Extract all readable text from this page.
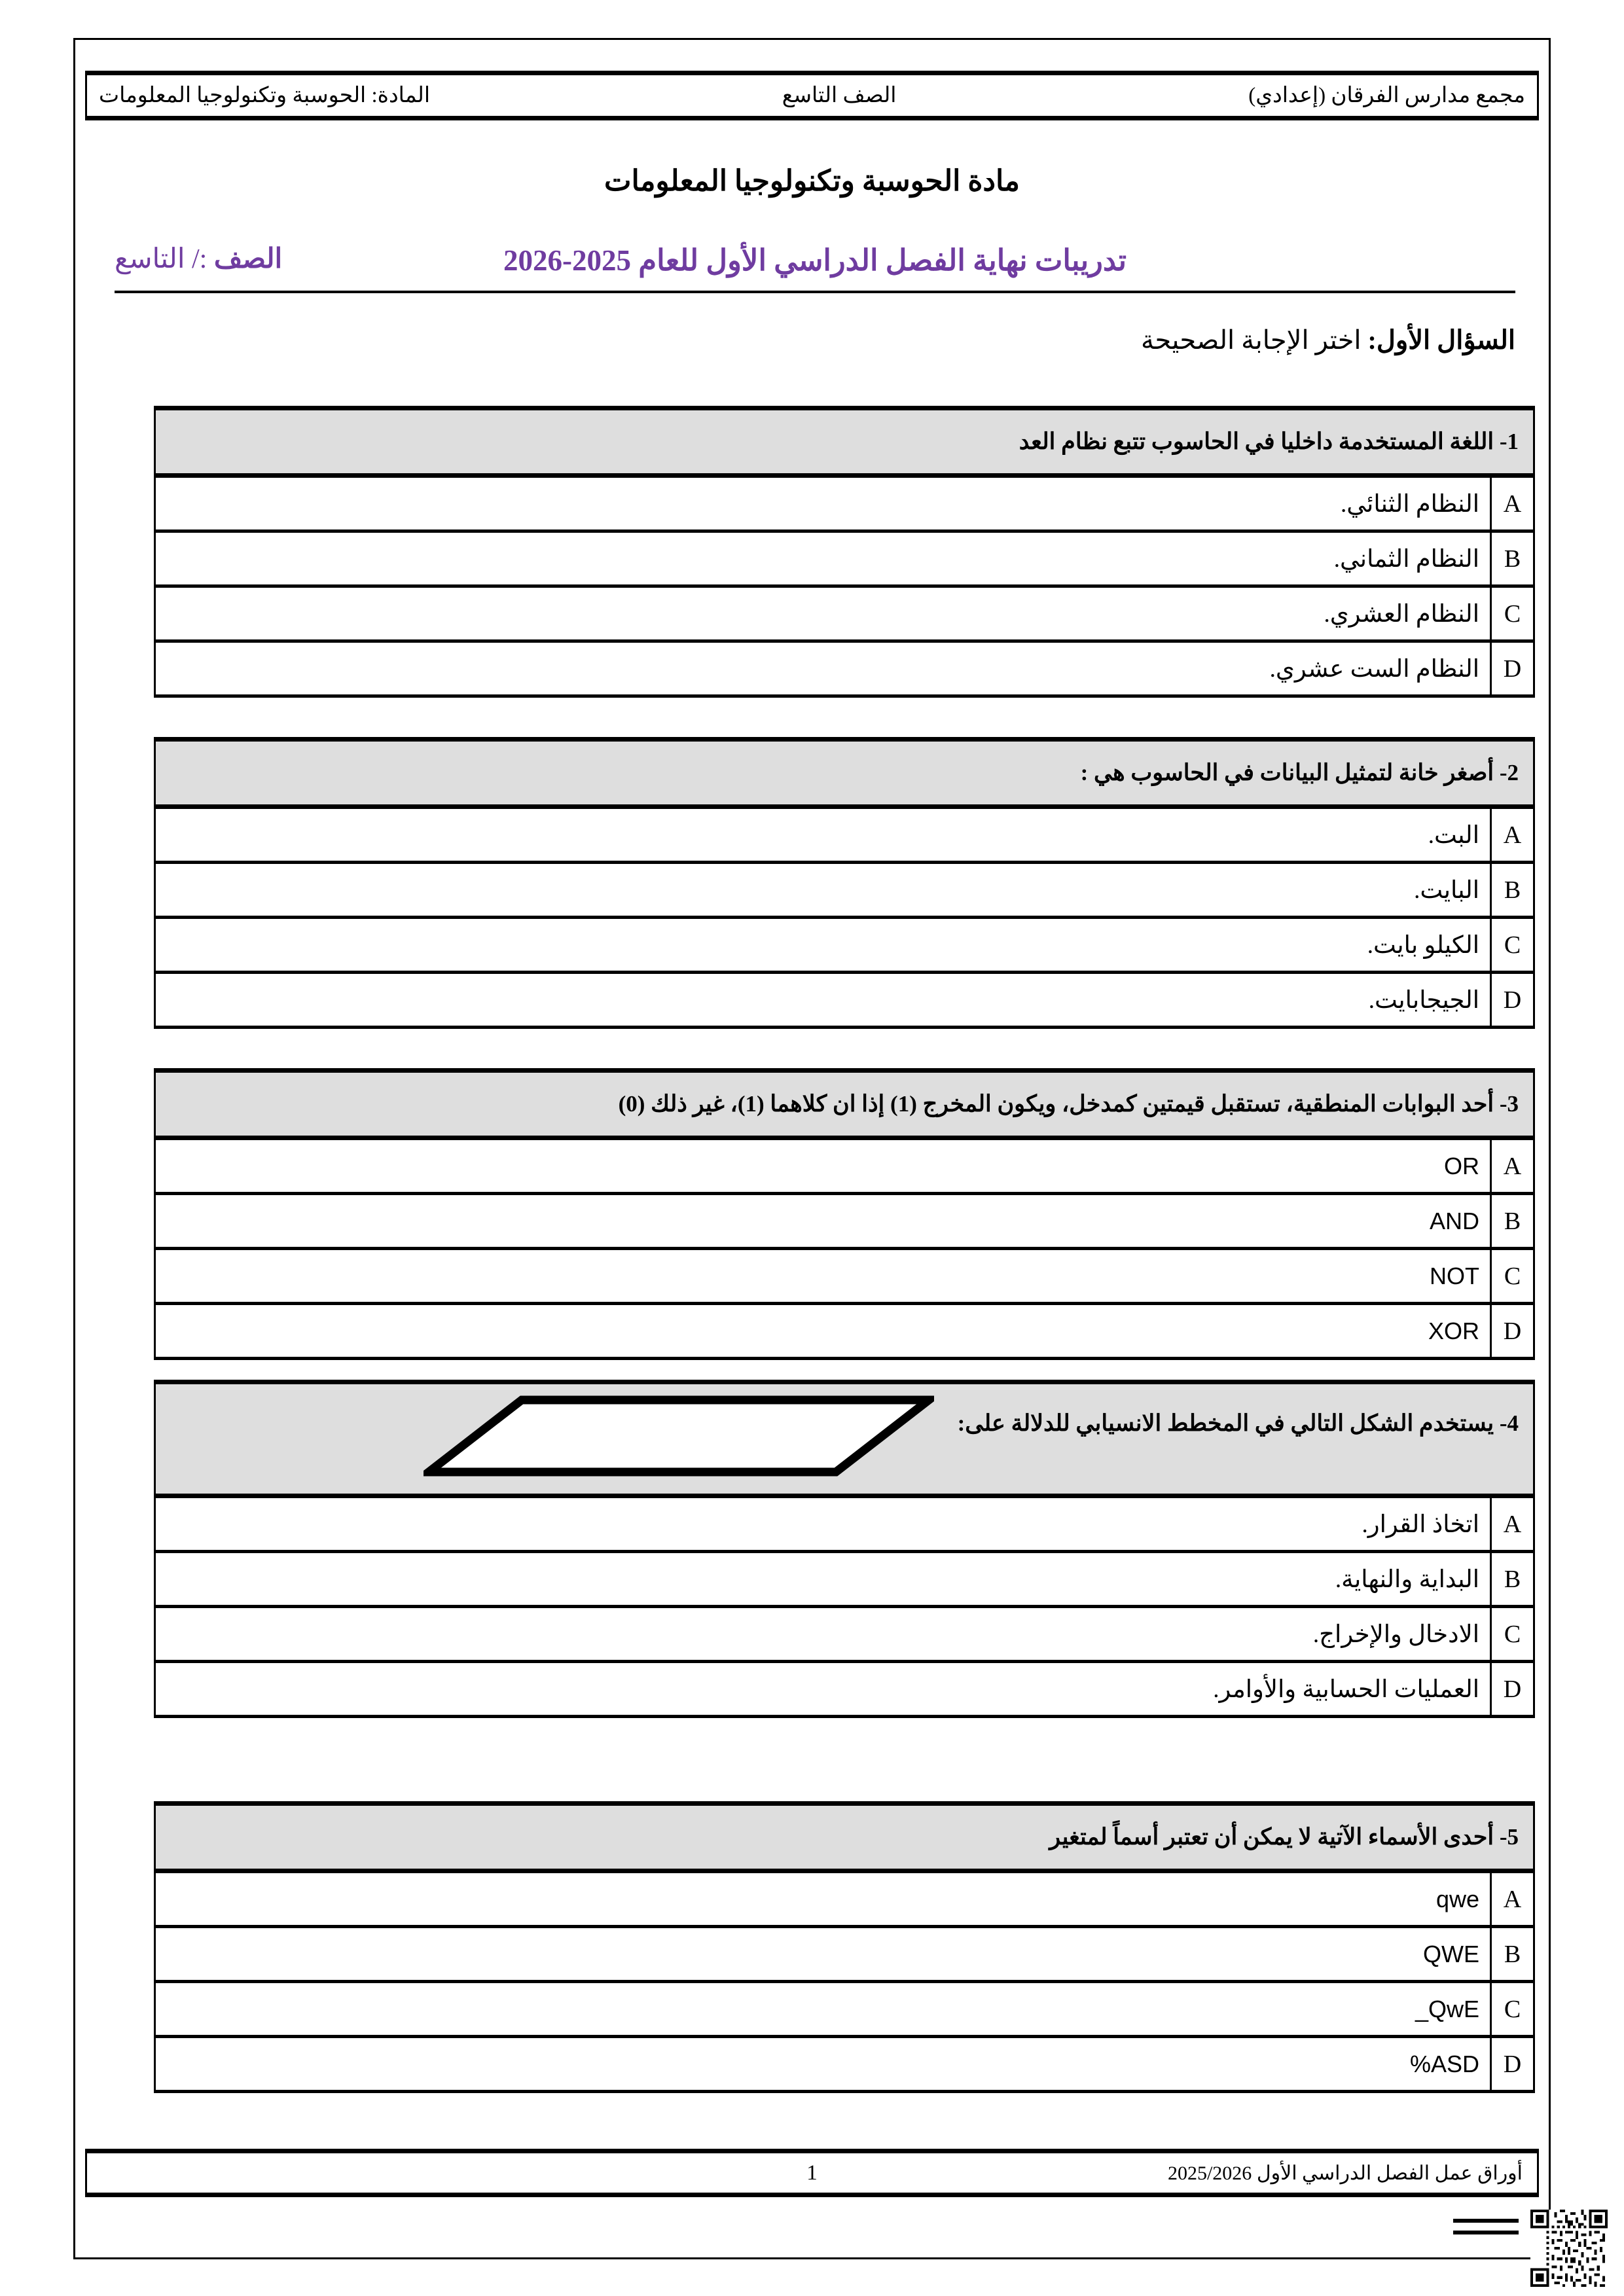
مجمع مدارس الفرقان (إعدادي)
الصف التاسع
المادة: الحوسبة وتكنولوجيا المعلومات
مادة الحوسبة وتكنولوجيا المعلومات
تدريبات نهاية الفصل الدراسي الأول للعام 2025-2026
الصف :/ التاسع
السؤال الأول: اختر الإجابة الصحيحة
1- اللغة المستخدمة داخليا في الحاسوب تتبع نظام العد
A
النظام الثنائي.
B
النظام الثماني.
C
النظام العشري.
D
النظام الست عشري.
2- أصغر خانة لتمثيل البيانات في الحاسوب هي :
A
البت.
B
البايت.
C
الكيلو بايت.
D
الجيجابايت.
3- أحد البوابات المنطقية، تستقبل قيمتين كمدخل، ويكون المخرج (1) إذا ان كلاهما (1)، غير ذلك (0)
A
OR
B
AND
C
NOT
D
XOR
4- يستخدم الشكل التالي في المخطط الانسيابي للدلالة على:
A
اتخاذ القرار.
B
البداية والنهاية.
C
الادخال والإخراج.
D
العمليات الحسابية والأوامر.
5- أحدى الأسماء الآتية لا يمكن أن تعتبر أسماً لمتغير
A
qwe
B
QWE
C
_QwE
D
%ASD
أوراق عمل الفصل الدراسي الأول 2025/2026
1
